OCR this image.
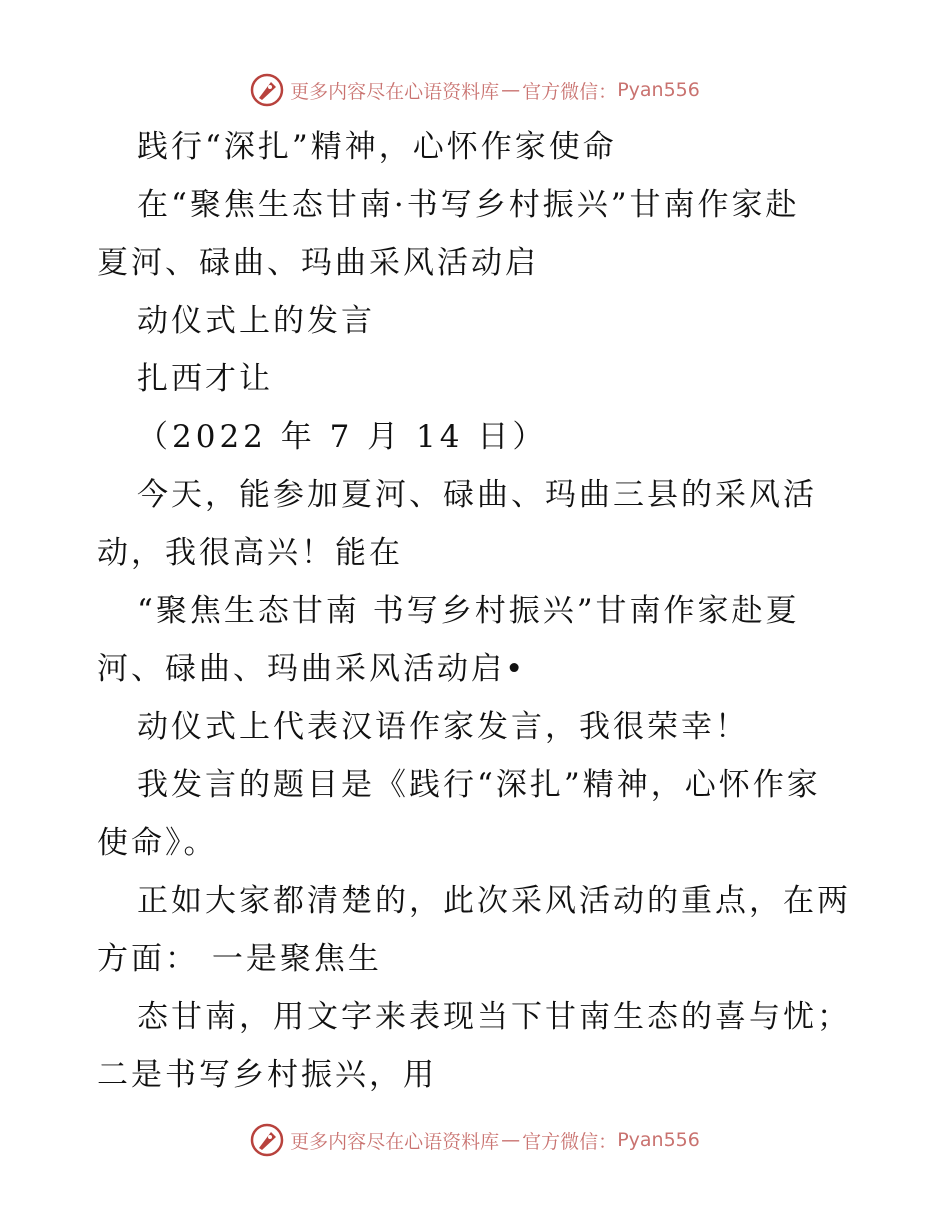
更多内容尽在心语资料库 — 官方微信： Pyan556

践行“深扎”精神，心怀作家使命

在“聚焦生态甘南·书写乡村振兴”甘南作家赴

夏河、碌曲、玛曲采风活动启

动仪式上的发言

扎西才让

（2022 年 7 月 14 日）

今天，能参加夏河、碌曲、玛曲三县的采风活

动，我很高兴！能在

“聚焦生态甘南 书写乡村振兴”甘南作家赴夏

河、碌曲、玛曲采风活动启•

动仪式上代表汉语作家发言，我很荣幸！

我发言的题目是《践行“深扎”精神，心怀作家

使命》。

正如大家都清楚的，此次采风活动的重点，在两

方面： 一是聚焦生

态甘南，用文字来表现当下甘南生态的喜与忧；

二是书写乡村振兴，用

更多内容尽在心语资料库 — 官方微信： Pyan556
